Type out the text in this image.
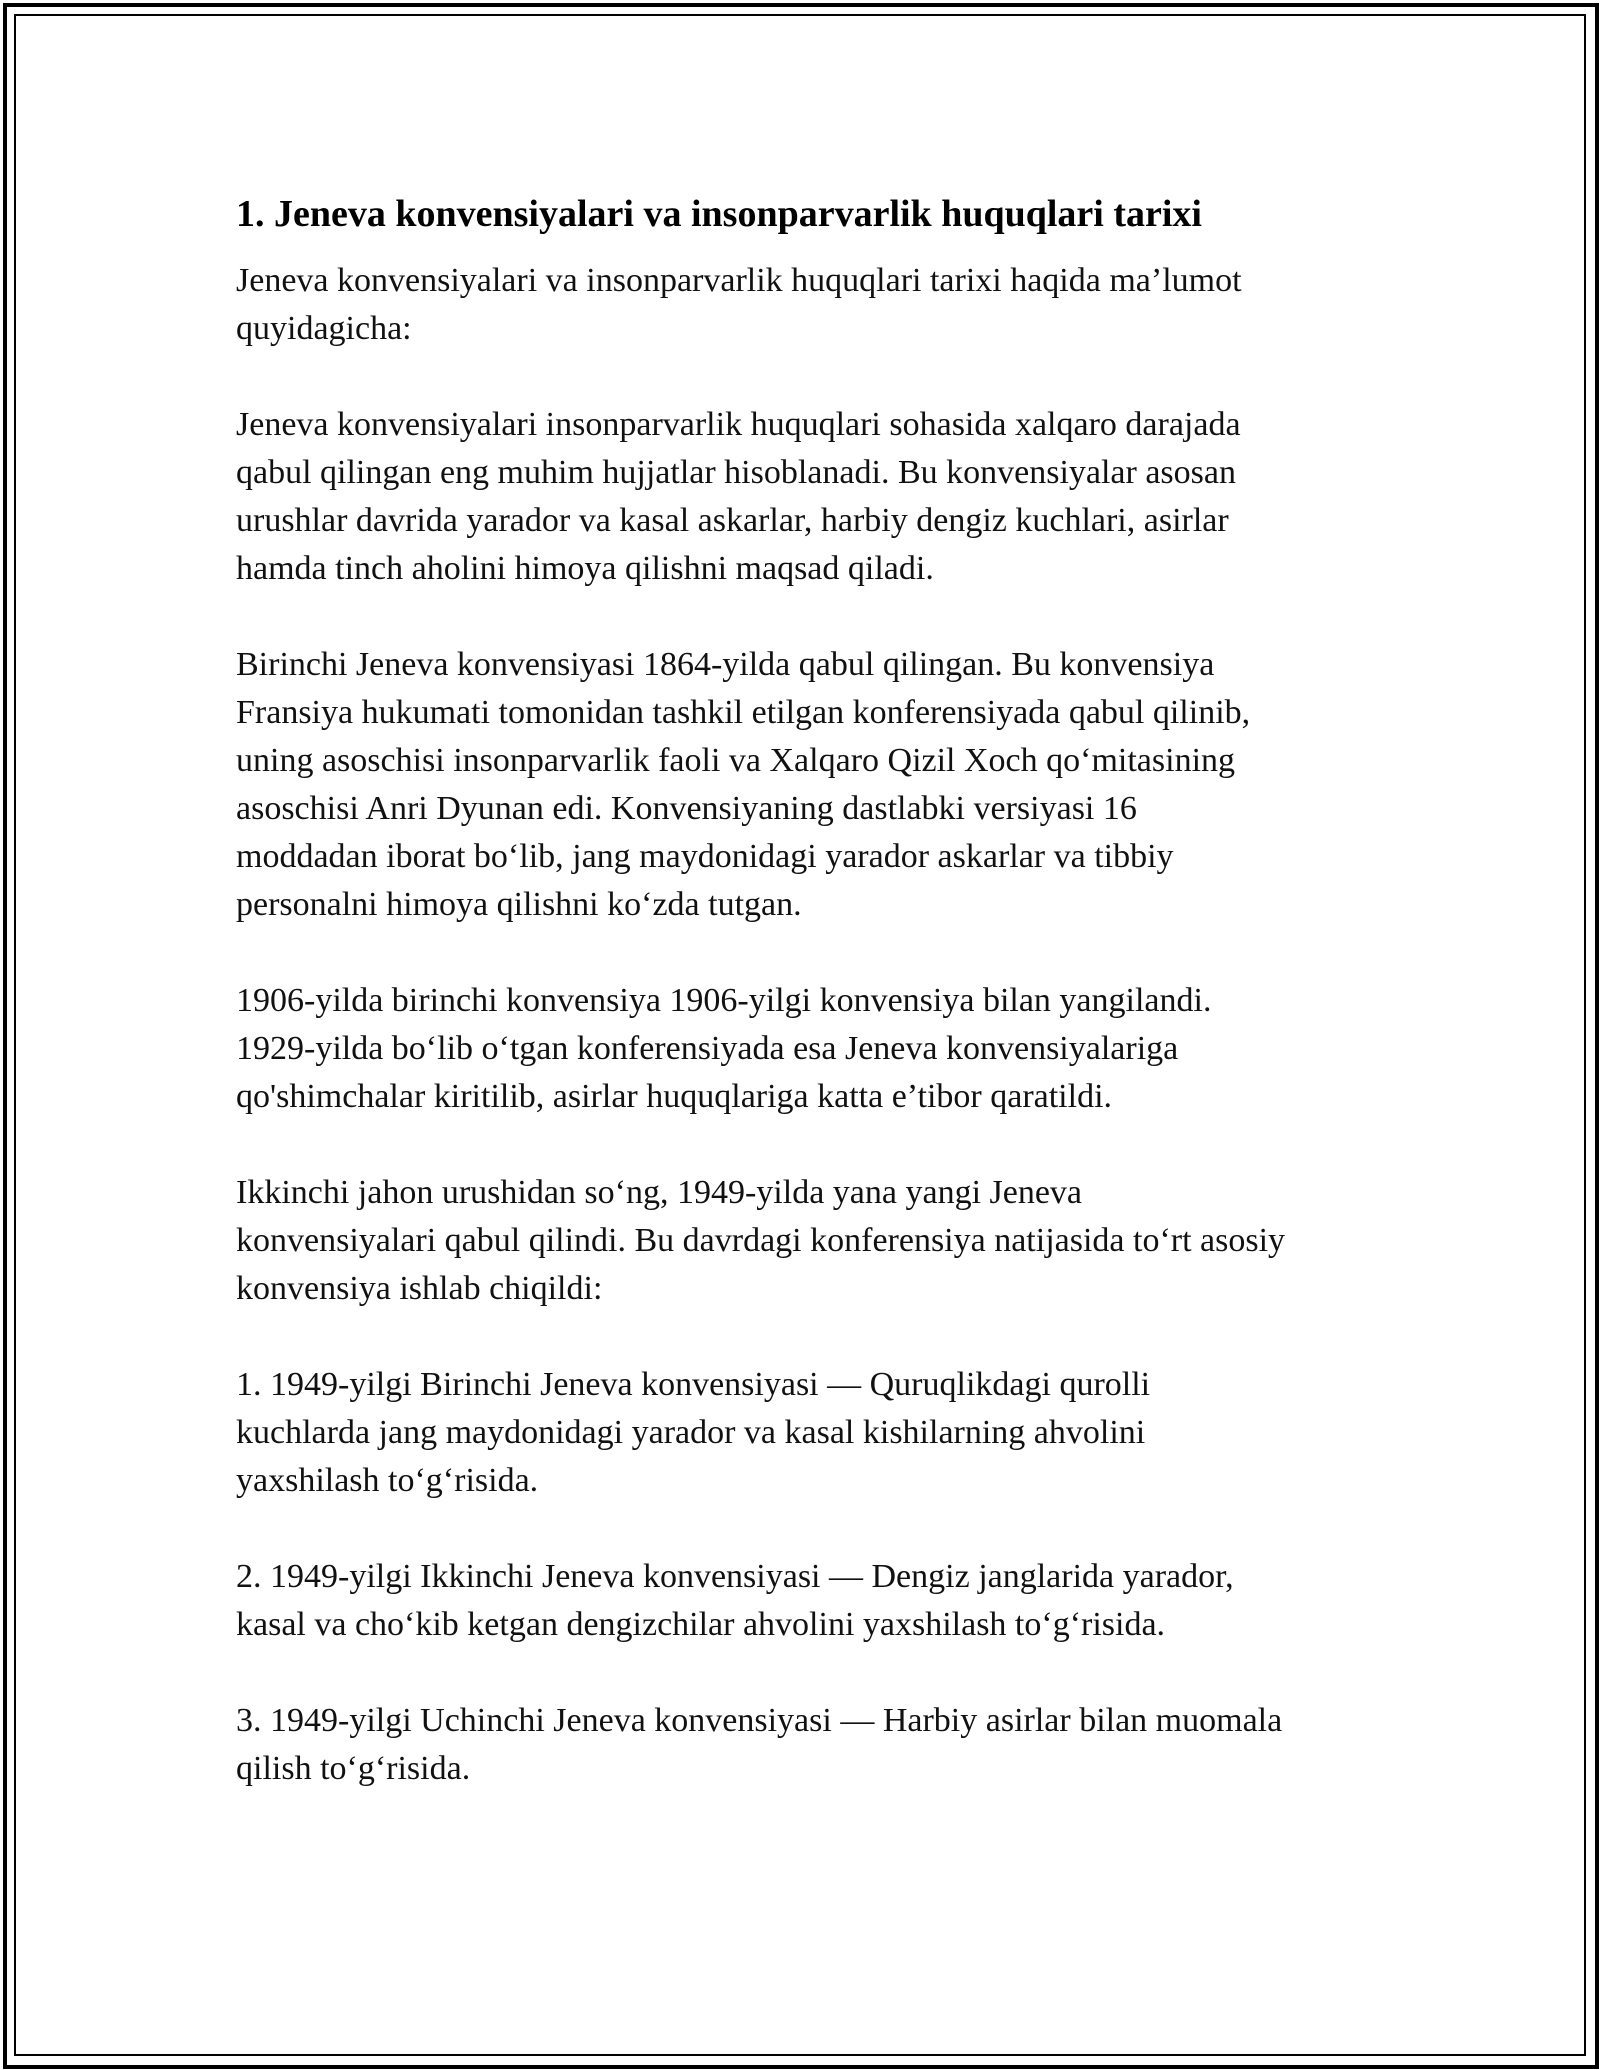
1. Jeneva konvensiyalari va insonparvarlik huquqlari tarixi

Jeneva konvensiyalari va insonparvarlik huquqlari tarixi haqida ma’lumot
quyidagicha:

Jeneva konvensiyalari insonparvarlik huquqlari sohasida xalqaro darajada
qabul qilingan eng muhim hujjatlar hisoblanadi. Bu konvensiyalar asosan
urushlar davrida yarador va kasal askarlar, harbiy dengiz kuchlari, asirlar
hamda tinch aholini himoya qilishni maqsad qiladi.

Birinchi Jeneva konvensiyasi 1864-yilda qabul qilingan. Bu konvensiya
Fransiya hukumati tomonidan tashkil etilgan konferensiyada qabul qilinib,
uning asoschisi insonparvarlik faoli va Xalqaro Qizil Xoch qo‘mitasining
asoschisi Anri Dyunan edi. Konvensiyaning dastlabki versiyasi 16
moddadan iborat bo‘lib, jang maydonidagi yarador askarlar va tibbiy
personalni himoya qilishni ko‘zda tutgan.

1906-yilda birinchi konvensiya 1906-yilgi konvensiya bilan yangilandi.
1929-yilda bo‘lib o‘tgan konferensiyada esa Jeneva konvensiyalariga
qo'shimchalar kiritilib, asirlar huquqlariga katta e’tibor qaratildi.

Ikkinchi jahon urushidan so‘ng, 1949-yilda yana yangi Jeneva
konvensiyalari qabul qilindi. Bu davrdagi konferensiya natijasida to‘rt asosiy
konvensiya ishlab chiqildi:

1. 1949-yilgi Birinchi Jeneva konvensiyasi — Quruqlikdagi qurolli
kuchlarda jang maydonidagi yarador va kasal kishilarning ahvolini
yaxshilash to‘g‘risida.

2. 1949-yilgi Ikkinchi Jeneva konvensiyasi — Dengiz janglarida yarador,
kasal va cho‘kib ketgan dengizchilar ahvolini yaxshilash to‘g‘risida.

3. 1949-yilgi Uchinchi Jeneva konvensiyasi — Harbiy asirlar bilan muomala
qilish to‘g‘risida.
